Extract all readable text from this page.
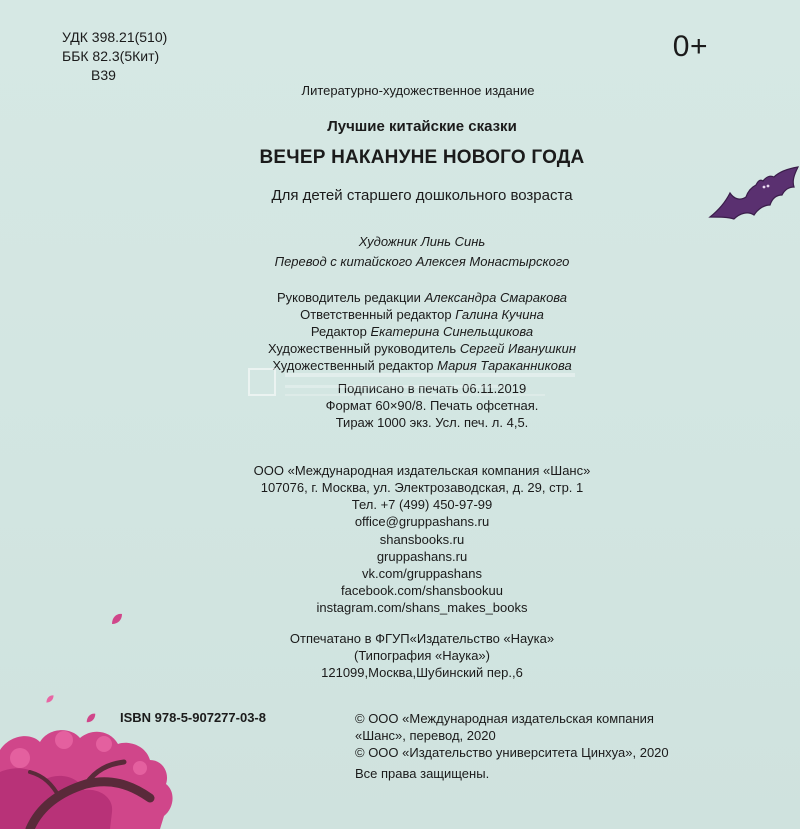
УДК 398.21(510)
ББК 82.3(5Кит)
В39
0+
Литературно-художественное издание
Лучшие китайские сказки
ВЕЧЕР НАКАНУНЕ НОВОГО ГОДА
Для детей старшего дошкольного возраста
Художник Линь Синь
Перевод с китайского Алексея Монастырского
Руководитель редакции Александра Смаракова
Ответственный редактор Галина Кучина
Редактор Екатерина Синельщикова
Художественный руководитель Сергей Иванушкин
Художественный редактор Мария Тараканникова
Подписано в печать 06.11.2019
Формат 60×90/8. Печать офсетная.
Тираж 1000 экз. Усл. печ. л. 4,5.
ООО «Международная издательская компания «Шанс»
107076, г. Москва, ул. Электрозаводская, д. 29, стр. 1
Тел. +7 (499) 450-97-99
office@gruppashans.ru
shansbooks.ru
gruppashans.ru
vk.com/gruppashans
facebook.com/shansbookuu
instagram.com/shans_makes_books
Отпечатано в ФГУП«Издательство «Наука»
(Типография «Наука»)
121099,Москва,Шубинский пер.,6
ISBN 978-5-907277-03-8	© ООО «Международная издательская компания
«Шанс», перевод, 2020
© ООО «Издательство университета Цинхуа», 2020
Все права защищены.
